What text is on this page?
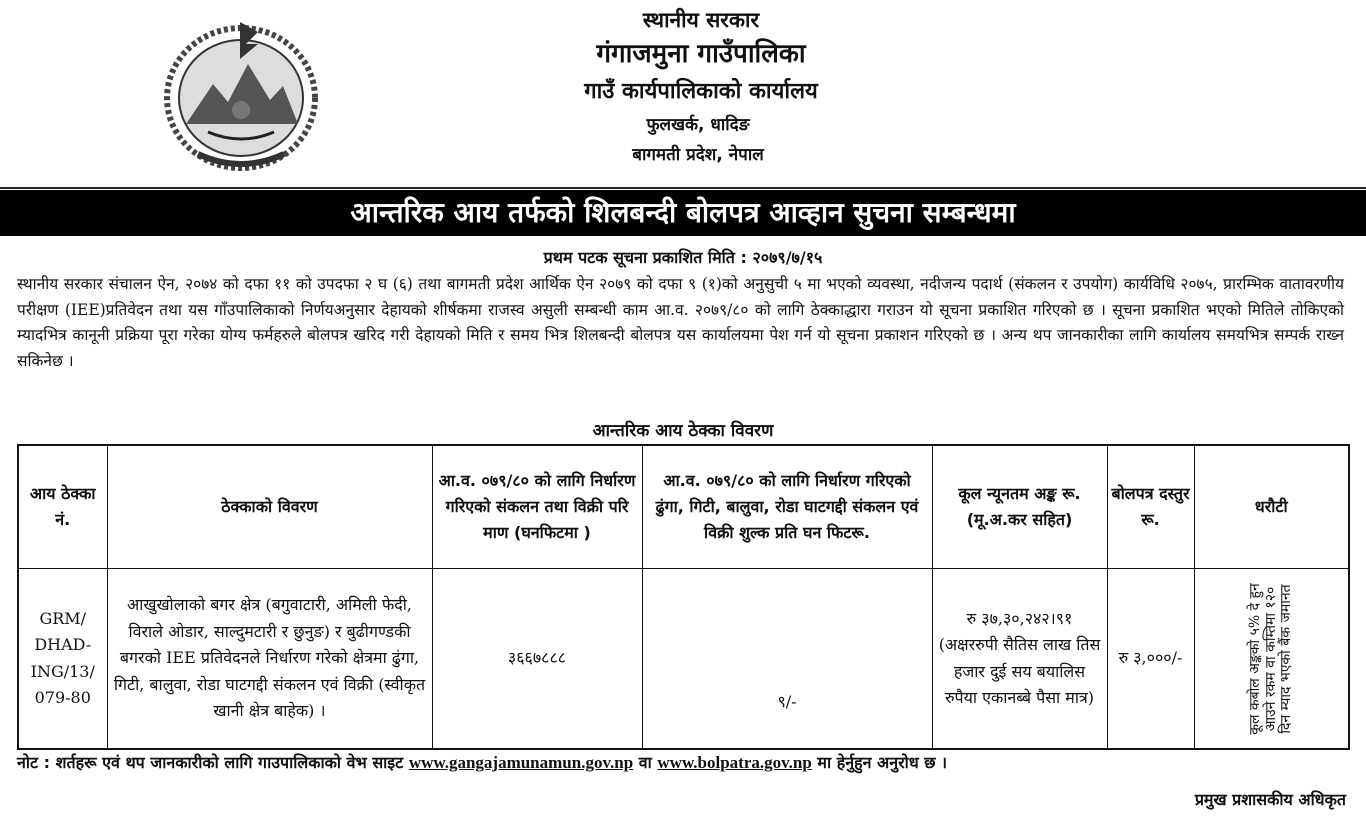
स्थानीय सरकार
गंगाजमुना गाउँपालिका
गाउँ कार्यपालिकाको कार्यालय
फुलखर्क, धादिङ
बागमती प्रदेश, नेपाल
आन्तरिक आय तर्फको शिलबन्दी बोलपत्र आव्हान सुचना सम्बन्धमा
प्रथम पटक सूचना प्रकाशित मिति : २०७९/७/१५
स्थानीय सरकार संचालन ऐन, २०७४ को दफा ११ को उपदफा २ घ (६) तथा बागमती प्रदेश आर्थिक ऐन २०७९ को दफा ९ (१)को अनुसुची ५ मा भएको व्यवस्था, नदीजन्य पदार्थ (संकलन र उपयोग) कार्यविधि २०७५, प्रारम्भिक वातावरणीय परीक्षण (IEE)प्रतिवेदन तथा यस गाँउपालिकाको निर्णयअनुसार देहायको शीर्षकमा राजस्व असुली सम्बन्धी काम आ.व. २०७९/८० को लागि ठेक्काद्धारा गराउन यो सूचना प्रकाशित गरिएको छ । सूचना प्रकाशित भएको मितिले तोकिएको म्यादभित्र कानूनी प्रक्रिया पूरा गरेका योग्य फर्महरुले बोलपत्र खरिद गरी देहायको मिति र समय भित्र शिलबन्दी बोलपत्र यस कार्यालयमा पेश गर्न यो सूचना प्रकाशन गरिएको छ । अन्य थप जानकारीका लागि कार्यालय समयभित्र सम्पर्क राख्न सकिनेछ ।
आन्तरिक आय ठेक्का विवरण
आय ठेक्का नं.	ठेक्काको विवरण	आ.व. ०७९/८० को लागि निर्धारण गरिएको संकलन तथा विक्री परि माण (घनफिटमा )	आ.व. ०७९/८० को लागि निर्धारण गरिएको ढुंगा, गिटी, बालुवा, रोडा घाटगद्दी संकलन एवं विक्री शुल्क प्रति घन फिटरू.	कूल न्यूनतम अङ्क रू. (मू.अ.कर सहित)	बोलपत्र दस्तुर रू.	धरौटी
GRM/ DHAD- ING/13/ 079-80	आखुखोलाको बगर क्षेत्र (बगुवाटारी, अमिली फेदी, विराले ओडार, साल्दुमटारी र छुनुङ) र बुढीगण्डकी बगरको IEE प्रतिवेदनले निर्धारण गरेको क्षेत्रमा ढुंगा, गिटी, बालुवा, रोडा घाटगद्दी संकलन एवं विक्री (स्वीकृत खानी क्षेत्र बाहेक) ।	३६६७८८८	९/-	रु ३७,३०,२४२।९१ (अक्षररुपी सैतिस लाख तिस हजार दुई सय बयालिस रुपैया एकानब्बे पैसा मात्र)	रु ३,०००/-	कूल कबोल अङ्कको ५% दे हुन आउने रकम वा कम्तिमा १२० दिन म्याद भएको बैंक जमानत
नोट : शर्तहरू एवं थप जानकारीको लागि गाउपालिकाको वेभ साइट www.gangajamunamun.gov.np वा www.bolpatra.gov.np मा हेर्नुहुन अनुरोध छ ।
प्रमुख प्रशासकीय अधिकृत
